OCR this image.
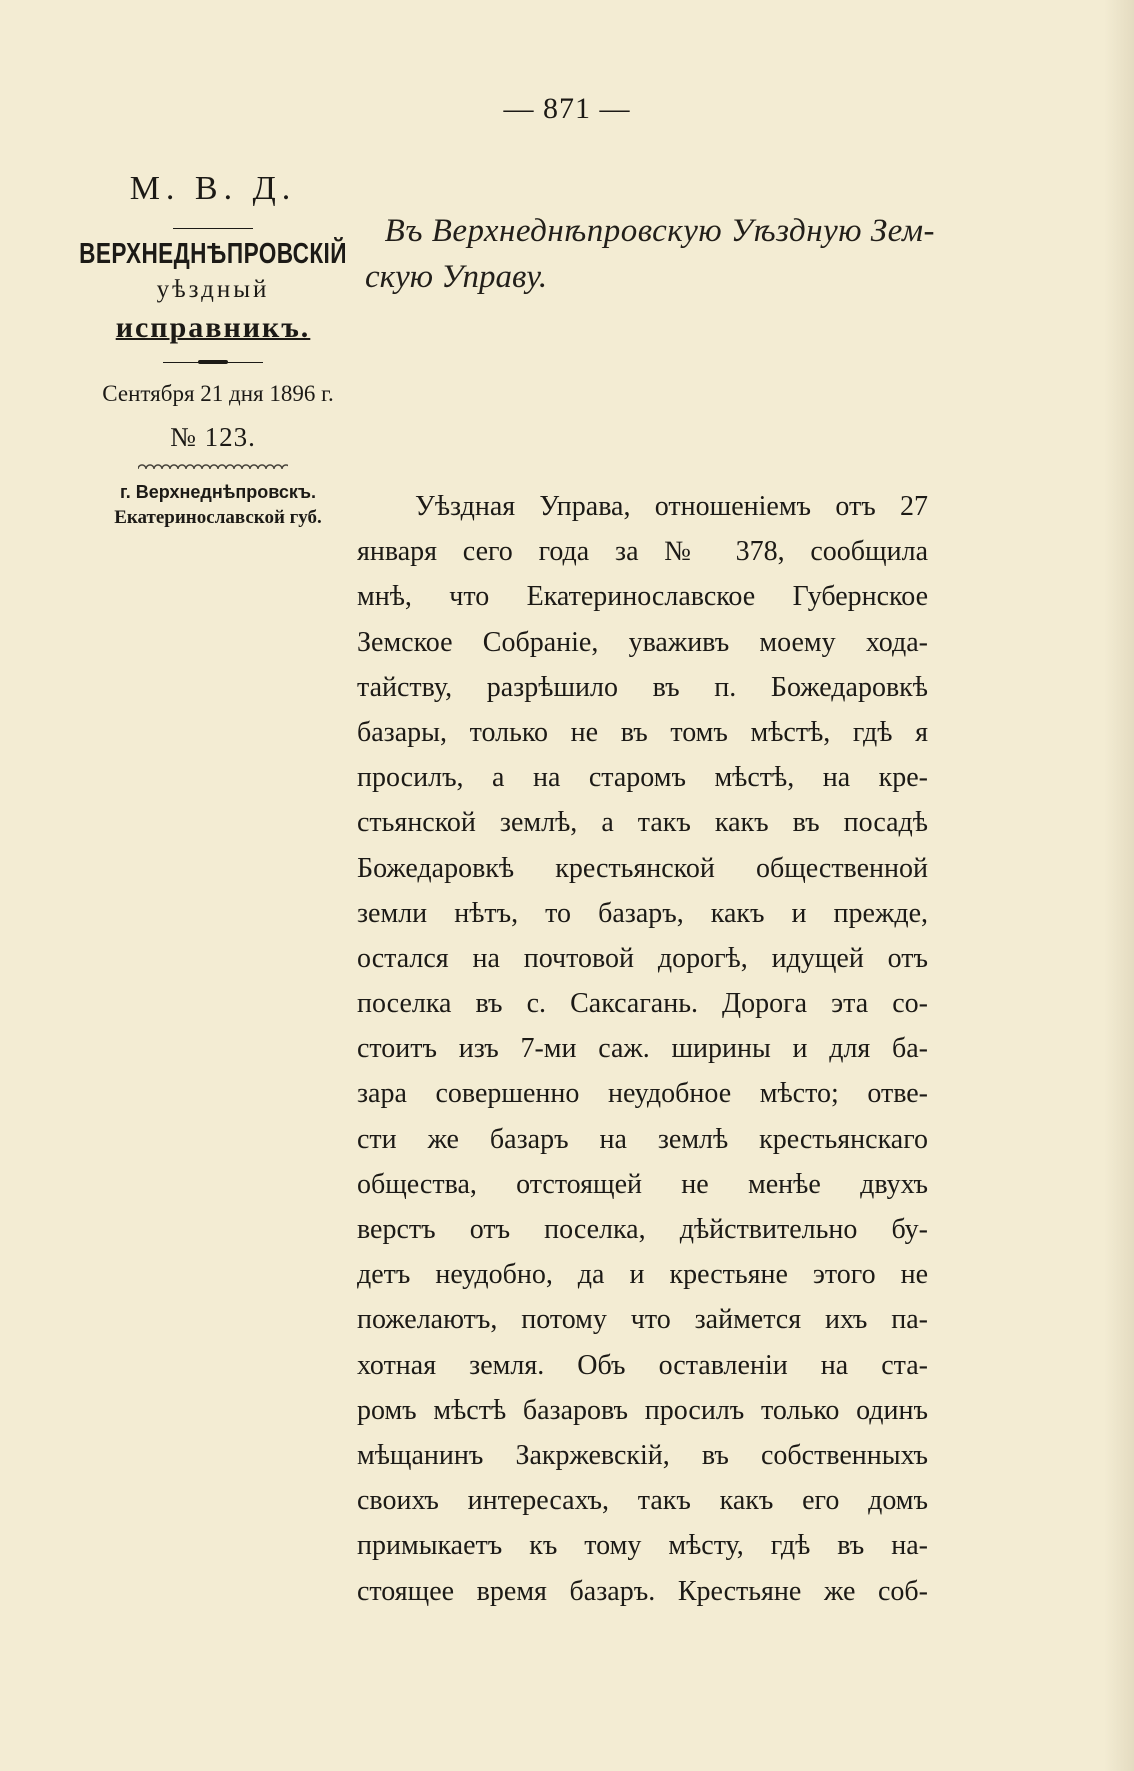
— 871 —
М. В. Д.
ВЕРХНЕДНѢПРОВСКІЙ
уѣздный
исправникъ.
Сентября 21 дня 1896 г.
№ 123.
г. Верхнеднѣпровскъ.
Екатеринославской губ.
Въ Верхнеднѣпровскую Уѣздную Зем-
скую Управу.
Уѣздная Управа, отношеніемъ отъ 27
января сего года за № 378, сообщила
мнѣ, что Екатеринославское Губернское
Земское Собраніе, уваживъ моему хода-
тайству, разрѣшило въ п. Божедаровкѣ
базары, только не въ томъ мѣстѣ, гдѣ я
просилъ, а на старомъ мѣстѣ, на кре-
стьянской землѣ, а такъ какъ въ посадѣ
Божедаровкѣ крестьянской общественной
земли нѣтъ, то базаръ, какъ и прежде,
остался на почтовой дорогѣ, идущей отъ
поселка въ с. Саксагань. Дорога эта со-
стоитъ изъ 7-ми саж. ширины и для ба-
зара совершенно неудобное мѣсто; отве-
сти же базаръ на землѣ крестьянскаго
общества, отстоящей не менѣе двухъ
верстъ отъ поселка, дѣйствительно бу-
детъ неудобно, да и крестьяне этого не
пожелаютъ, потому что займется ихъ па-
хотная земля. Объ оставленіи на ста-
ромъ мѣстѣ базаровъ просилъ только одинъ
мѣщанинъ Закржевскій, въ собственныхъ
своихъ интересахъ, такъ какъ его домъ
примыкаетъ къ тому мѣсту, гдѣ въ на-
стоящее время базаръ. Крестьяне же соб-
